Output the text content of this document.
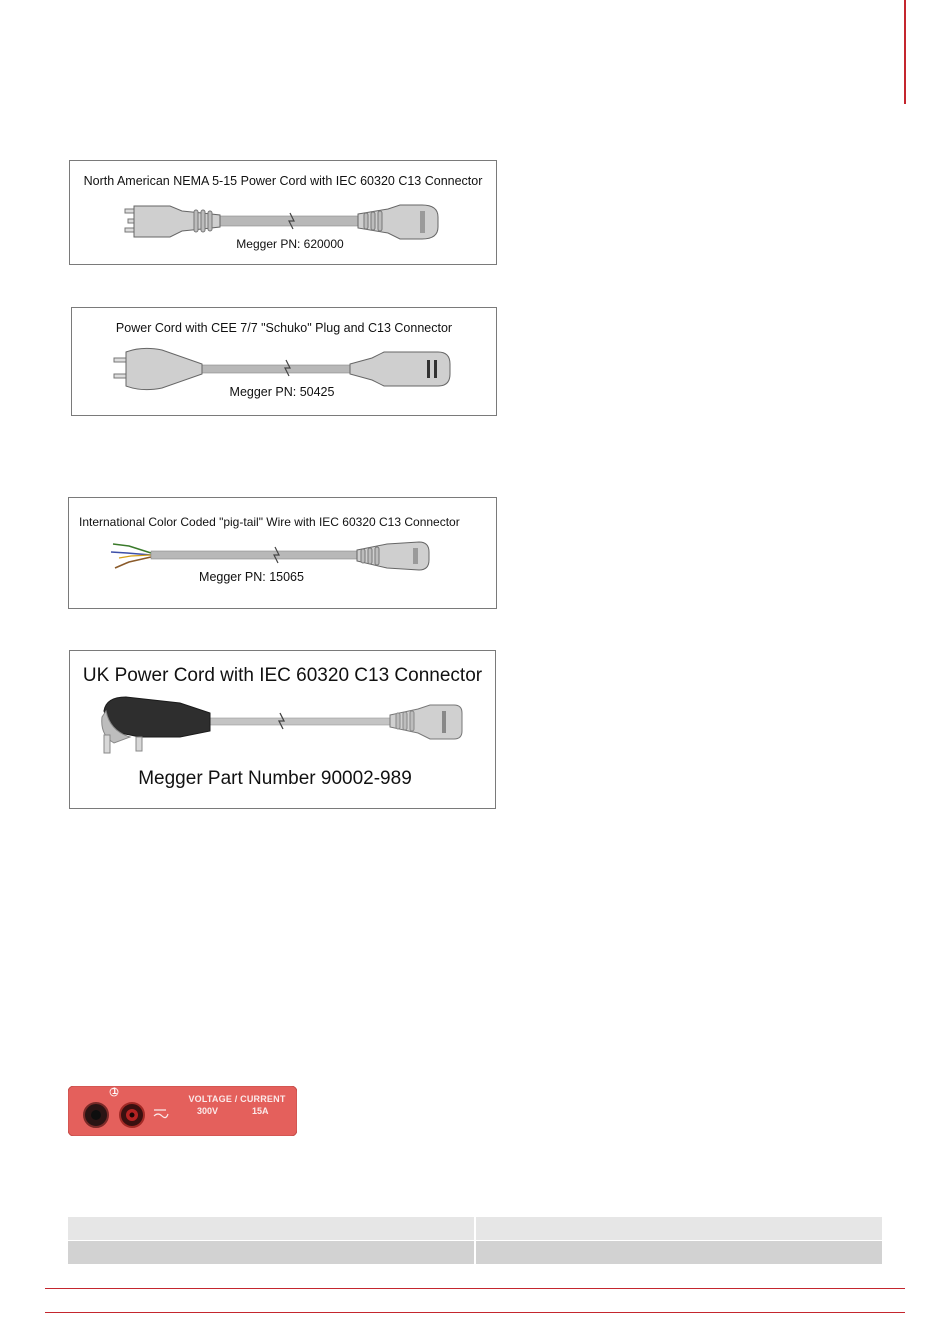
North American NEMA 5-15 Power Cord with IEC 60320 C13 Connector
Megger PN: 620000
Power Cord with CEE 7/7 "Schuko" Plug and C13 Connector
Megger PN: 50425
International Color Coded "pig-tail" Wire with IEC 60320 C13 Connector
Megger PN: 15065
UK Power Cord with IEC 60320 C13 Connector
Megger Part Number 90002-989
1
VOLTAGE / CURRENT
300V	15A
